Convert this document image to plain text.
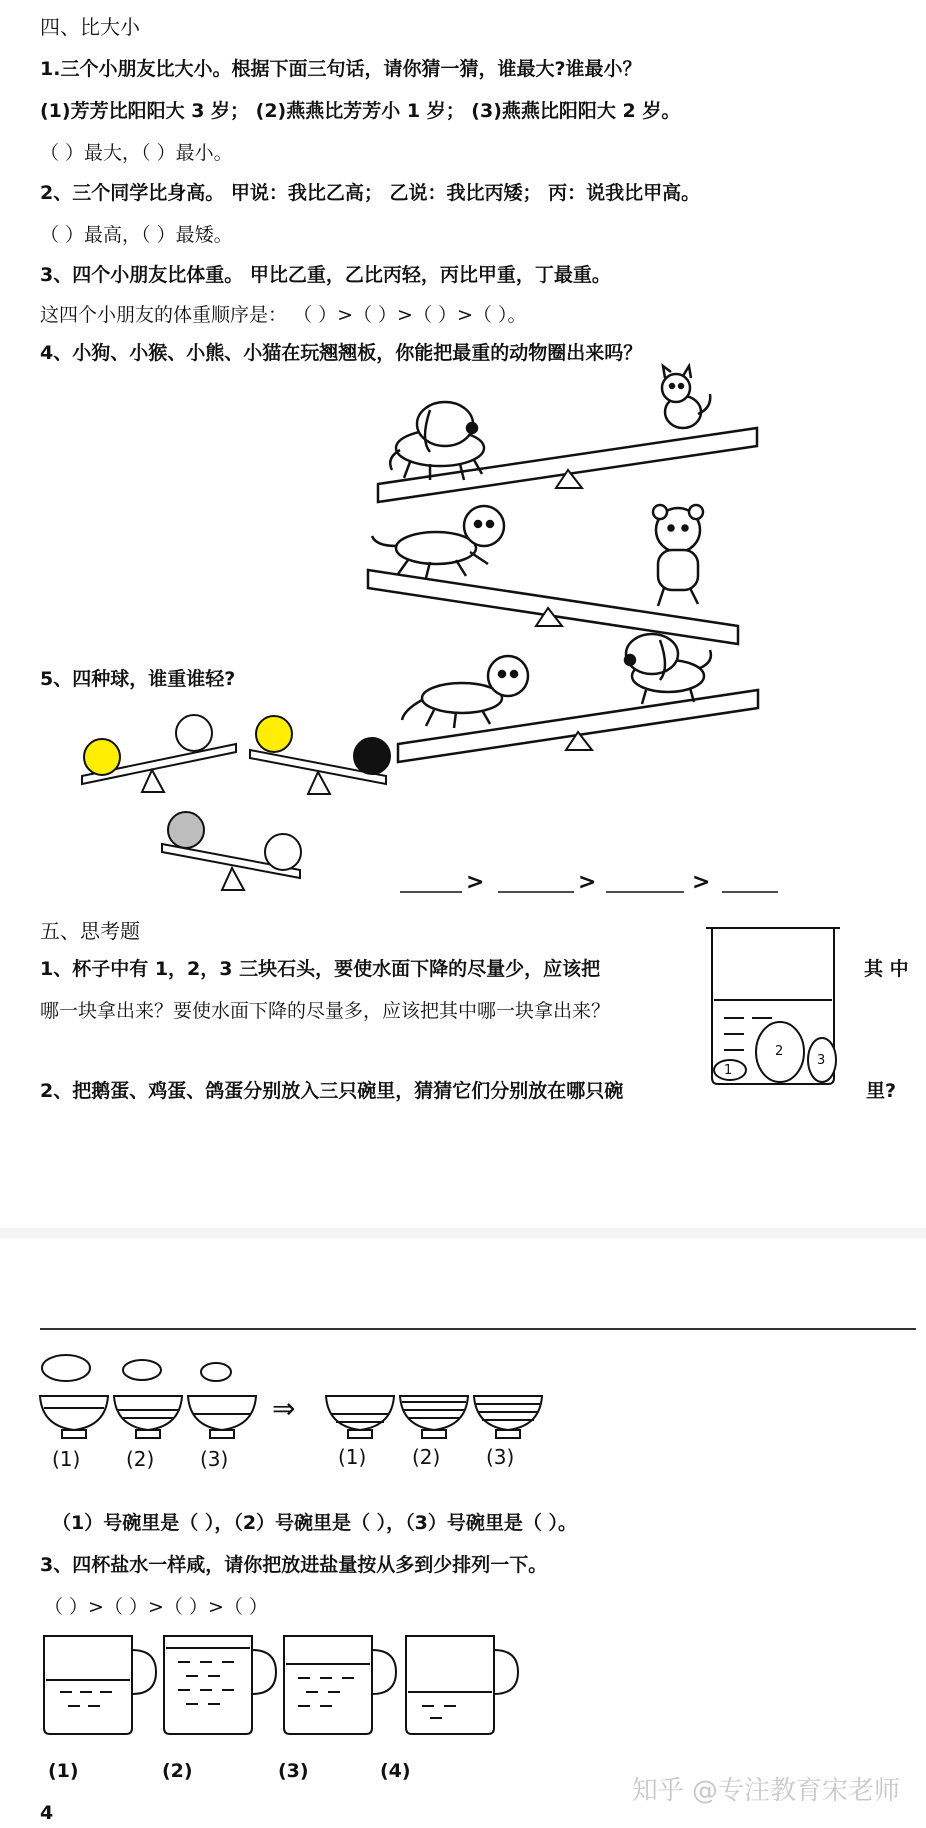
四、比大小
1.三个小朋友比大小。根据下面三句话，请你猜一猜，谁最大?谁最小？
(1)芳芳比阳阳大 3 岁； (2)燕燕比芳芳小 1 岁； (3)燕燕比阳阳大 2 岁。
（ ）最大，（ ）最小。
2、三个同学比身高。 甲说：我比乙高； 乙说：我比丙矮； 丙：说我比甲高。
（ ）最高，（ ）最矮。
3、四个小朋友比体重。 甲比乙重，乙比丙轻，丙比甲重，丁最重。
这四个小朋友的体重顺序是： （ ）>（ ）>（ ）>（ ）。
4、小狗、小猴、小熊、小猫在玩翘翘板，你能把最重的动物圈出来吗？
5、四种球，谁重谁轻?
>	>	>
五、思考题
1、杯子中有 1，2，3 三块石头，要使水面下降的尽量少，应该把	其 中
哪一块拿出来？要使水面下降的尽量多，应该把其中哪一块拿出来？
1
2
3
2、把鹅蛋、鸡蛋、鸽蛋分别放入三只碗里，猜猜它们分别放在哪只碗	里?
(1) (2) (3)
⇒
(1) (2) (3)
（1）号碗里是（ ），（2）号碗里是（ ），（3）号碗里是（ ）。
3、四杯盐水一样咸，请你把放进盐量按从多到少排列一下。
（ ）>（ ）>（ ）>（ ）
(1)	(2)	(3)	(4)
4
知乎 @专注教育宋老师
